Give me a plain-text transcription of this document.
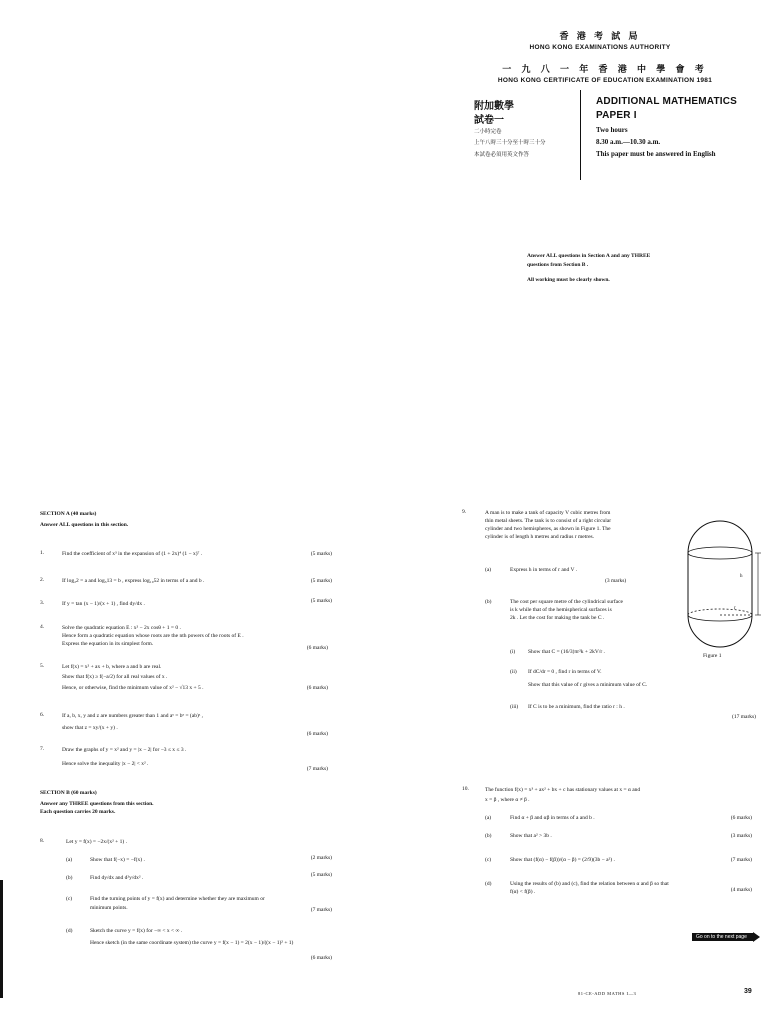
香 港 考 試 局
HONG KONG EXAMINATIONS AUTHORITY
一 九 八 一 年 香 港 中 學 會 考
HONG KONG CERTIFICATE OF EDUCATION EXAMINATION 1981
附加數學
試卷一
二小時完卷
上午八時三十分至十時三十分
本試卷必須用英文作答
ADDITIONAL MATHEMATICS
PAPER I
Two hours
8.30 a.m.—10.30 a.m.
This paper must be answered in English
Answer ALL questions in Section A and any THREE
questions from Section B .
All working must be clearly shown.
SECTION A (40 marks)
Answer ALL questions in this section.
1.	Find the coefficient of x³ in the expansion of (1 + 2x)⁴ (1 − x)⁷ .	(5 marks)
2.	If log₂2 = a and log₅13 = b , express log₁₀52 in terms of a and b .	(5 marks)
3.	If y = tan (x − 1)/(x + 1) , find dy/dx .	(5 marks)
4.	Solve the quadratic equation E : x² − 2x cosθ + 1 = 0 .
Hence form a quadratic equation whose roots are the nth powers of the roots of E .
Express the equation in its simplest form.
(6 marks)
5.	Let f(x) = x² + ax + b, where a and b are real.
Show that f(x) ≥ f(−a/2) for all real values of x .
Hence, or otherwise, find the minimum value of x² − √13 x + 5 .	(6 marks)
6.	If a, b, x, y and z are numbers greater than 1 and aˣ = bʸ = (ab)ᶻ ,
show that z = xy/(x + y) .
(6 marks)
7.	Draw the graphs of y = x² and y = |x − 2| for −3 ≤ x ≤ 3 .
Hence solve the inequality |x − 2| < x² .
(7 marks)
SECTION B (60 marks)
Answer any THREE questions from this section.
Each question carries 20 marks.
8.	Let y = f(x) = −2x/(x² + 1) .
(a)	Show that f(−x) = −f(x) .	(2 marks)
(b)	Find dy/dx and d²y/dx² .	(5 marks)
(c)	Find the turning points of y = f(x) and determine whether they are maximum or
minimum points.	(7 marks)
(d)	Sketch the curve y = f(x) for −∞ < x < ∞ .
Hence sketch (in the same coordinate system) the curve y = f(x − 1) = 2(x − 1)/((x − 1)² + 1)
(6 marks)
9.	A man is to make a tank of capacity V cubic metres from
thin metal sheets. The tank is to consist of a right circular
cylinder and two hemispheres, as shown in Figure 1. The
cylinder is of length h metres and radius r metres.
(a)	Express h in terms of r and V .
(3 marks)
(b)	The cost per square metre of the cylindrical surface
is k while that of the hemispherical surfaces is
2k . Let the cost for making the tank be C .
(i) Show that C = (16/3)πr²k + 2kV/r .
(ii) If dC/dr = 0 , find r in terms of V.
Show that this value of r gives a minimum value of C.
(iii) If C is to be a minimum, find the ratio r : h .
(17 marks)
h
r
Figure 1
10.	The function f(x) = x³ + ax² + bx + c has stationary values at x = α and
x = β , where α ≠ β .
(a)	Find α + β and αβ in terms of a and b .	(6 marks)
(b)	Show that a² > 3b .	(3 marks)
(c)	Show that (f(α) − f(β))/(α − β) = (2/9)(3b − a²) .	(7 marks)
(d)	Using the results of (b) and (c), find the relation between α and β so that
f(α) < f(β) .	(4 marks)
Go on to the next page
81-CE-ADD MATHS I—3	39
